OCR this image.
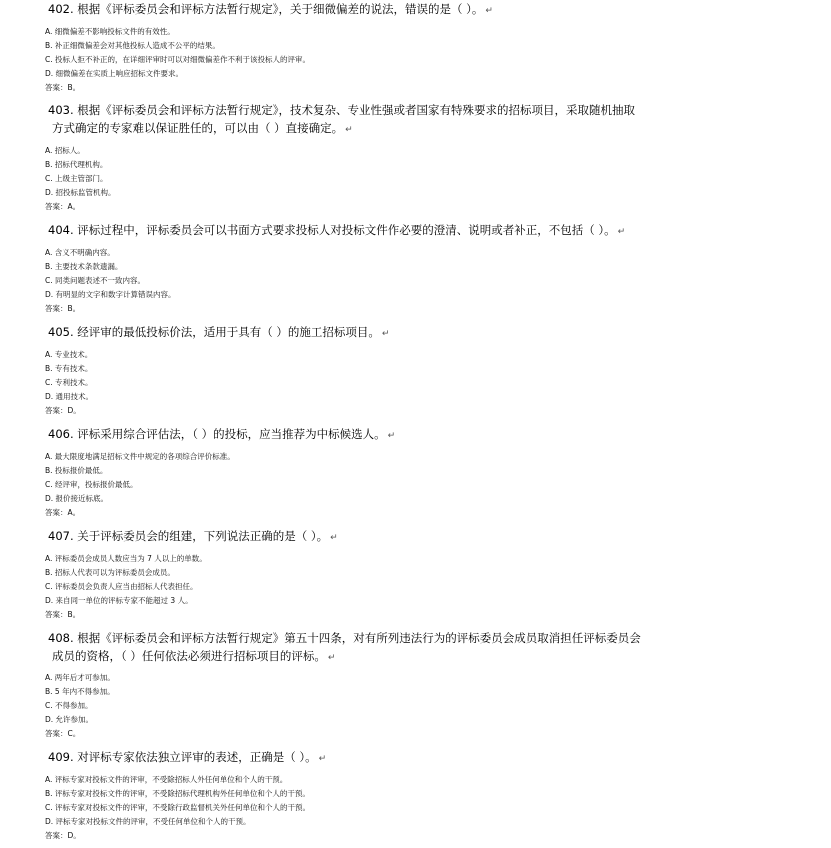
402. 根据《评标委员会和评标方法暂行规定》，关于细微偏差的说法，错误的是（ ）。 ↵
A. 细微偏差不影响投标文件的有效性。
B. 补正细微偏差会对其他投标人造成不公平的结果。
C. 投标人拒不补正的，在详细评审时可以对细微偏差作不利于该投标人的评审。
D. 细微偏差在实质上响应招标文件要求。
答案：B。
403. 根据《评标委员会和评标方法暂行规定》，技术复杂、专业性强或者国家有特殊要求的招标项目，采取随机抽取
方式确定的专家难以保证胜任的，可以由（ ）直接确定。 ↵
A. 招标人。
B. 招标代理机构。
C. 上级主管部门。
D. 招投标监管机构。
答案：A。
404. 评标过程中，评标委员会可以书面方式要求投标人对投标文件作必要的澄清、说明或者补正，不包括（ ）。 ↵
A. 含义不明确内容。
B. 主要技术条款遗漏。
C. 同类问题表述不一致内容。
D. 有明显的文字和数字计算错误内容。
答案：B。
405. 经评审的最低投标价法，适用于具有（ ）的施工招标项目。 ↵
A. 专业技术。
B. 专有技术。
C. 专利技术。
D. 通用技术。
答案：D。
406. 评标采用综合评估法，（ ）的投标，应当推荐为中标候选人。 ↵
A. 最大限度地满足招标文件中规定的各项综合评价标准。
B. 投标报价最低。
C. 经评审，投标报价最低。
D. 报价接近标底。
答案：A。
407. 关于评标委员会的组建，下列说法正确的是（ ）。 ↵
A. 评标委员会成员人数应当为 7 人以上的单数。
B. 招标人代表可以为评标委员会成员。
C. 评标委员会负责人应当由招标人代表担任。
D. 来自同一单位的评标专家不能超过 3 人。
答案：B。
408. 根据《评标委员会和评标方法暂行规定》第五十四条，对有所列违法行为的评标委员会成员取消担任评标委员会
成员的资格，（ ）任何依法必须进行招标项目的评标。 ↵
A. 两年后才可参加。
B. 5 年内不得参加。
C. 不得参加。
D. 允许参加。
答案：C。
409. 对评标专家依法独立评审的表述，正确是（ ）。 ↵
A. 评标专家对投标文件的评审，不受除招标人外任何单位和个人的干预。
B. 评标专家对投标文件的评审，不受除招标代理机构外任何单位和个人的干预。
C. 评标专家对投标文件的评审，不受除行政监督机关外任何单位和个人的干预。
D. 评标专家对投标文件的评审，不受任何单位和个人的干预。
答案：D。
